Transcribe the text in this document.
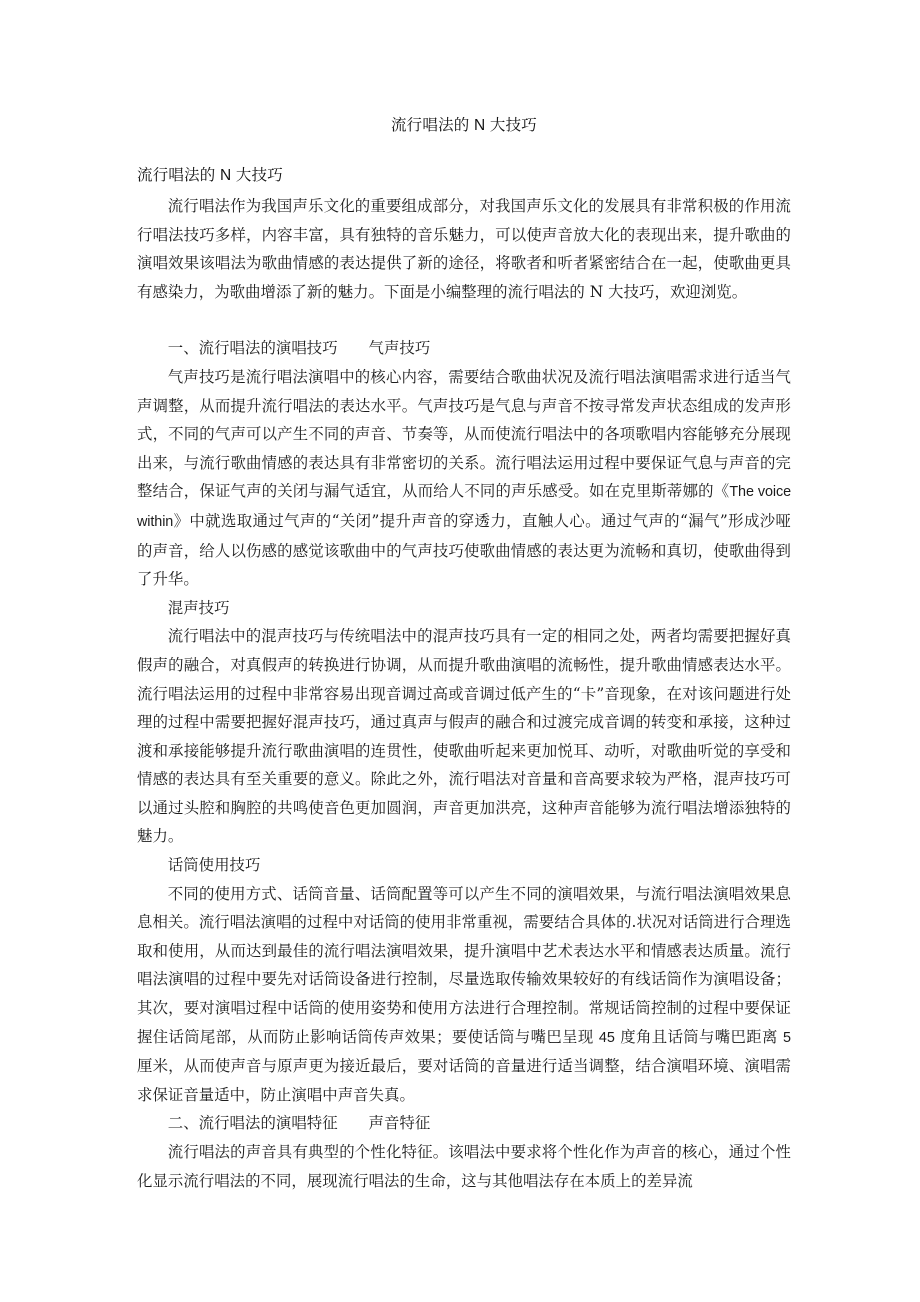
流行唱法的 N 大技巧
流行唱法的 N 大技巧

流行唱法作为我国声乐文化的重要组成部分，对我国声乐文化的发展具有非常积极的作用流行唱法技巧多样，内容丰富，具有独特的音乐魅力，可以使声音放大化的表现出来，提升歌曲的演唱效果该唱法为歌曲情感的表达提供了新的途径，将歌者和听者紧密结合在一起，使歌曲更具有感染力，为歌曲增添了新的魅力。下面是小编整理的流行唱法的 N 大技巧，欢迎浏览。

一、流行唱法的演唱技巧　　气声技巧

气声技巧是流行唱法演唱中的核心内容，需要结合歌曲状况及流行唱法演唱需求进行适当气声调整，从而提升流行唱法的表达水平。气声技巧是气息与声音不按寻常发声状态组成的发声形式，不同的气声可以产生不同的声音、节奏等，从而使流行唱法中的各项歌唱内容能够充分展现出来，与流行歌曲情感的表达具有非常密切的关系。流行唱法运用过程中要保证气息与声音的完整结合，保证气声的关闭与漏气适宜，从而给人不同的声乐感受。如在克里斯蒂娜的《The voice within》中就选取通过气声的“关闭”提升声音的穿透力，直触人心。通过气声的“漏气”形成沙哑的声音，给人以伤感的感觉该歌曲中的气声技巧使歌曲情感的表达更为流畅和真切，使歌曲得到了升华。

混声技巧

流行唱法中的混声技巧与传统唱法中的混声技巧具有一定的相同之处，两者均需要把握好真假声的融合，对真假声的转换进行协调，从而提升歌曲演唱的流畅性，提升歌曲情感表达水平。流行唱法运用的过程中非常容易出现音调过高或音调过低产生的“卡”音现象，在对该问题进行处理的过程中需要把握好混声技巧，通过真声与假声的融合和过渡完成音调的转变和承接，这种过渡和承接能够提升流行歌曲演唱的连贯性，使歌曲听起来更加悦耳、动听，对歌曲听觉的享受和情感的表达具有至关重要的意义。除此之外，流行唱法对音量和音高要求较为严格，混声技巧可以通过头腔和胸腔的共鸣使音色更加圆润，声音更加洪亮，这种声音能够为流行唱法增添独特的魅力。

话筒使用技巧

不同的使用方式、话筒音量、话筒配置等可以产生不同的演唱效果，与流行唱法演唱效果息息相关。流行唱法演唱的过程中对话筒的使用非常重视，需要结合具体的.状况对话筒进行合理选取和使用，从而达到最佳的流行唱法演唱效果，提升演唱中艺术表达水平和情感表达质量。流行唱法演唱的过程中要先对话筒设备进行控制，尽量选取传输效果较好的有线话筒作为演唱设备；其次，要对演唱过程中话筒的使用姿势和使用方法进行合理控制。常规话筒控制的过程中要保证握住话筒尾部，从而防止影响话筒传声效果；要使话筒与嘴巴呈现 45 度角且话筒与嘴巴距离 5 厘米，从而使声音与原声更为接近最后，要对话筒的音量进行适当调整，结合演唱环境、演唱需求保证音量适中，防止演唱中声音失真。

二、流行唱法的演唱特征　　声音特征

流行唱法的声音具有典型的个性化特征。该唱法中要求将个性化作为声音的核心，通过个性化显示流行唱法的不同，展现流行唱法的生命，这与其他唱法存在本质上的差异流
